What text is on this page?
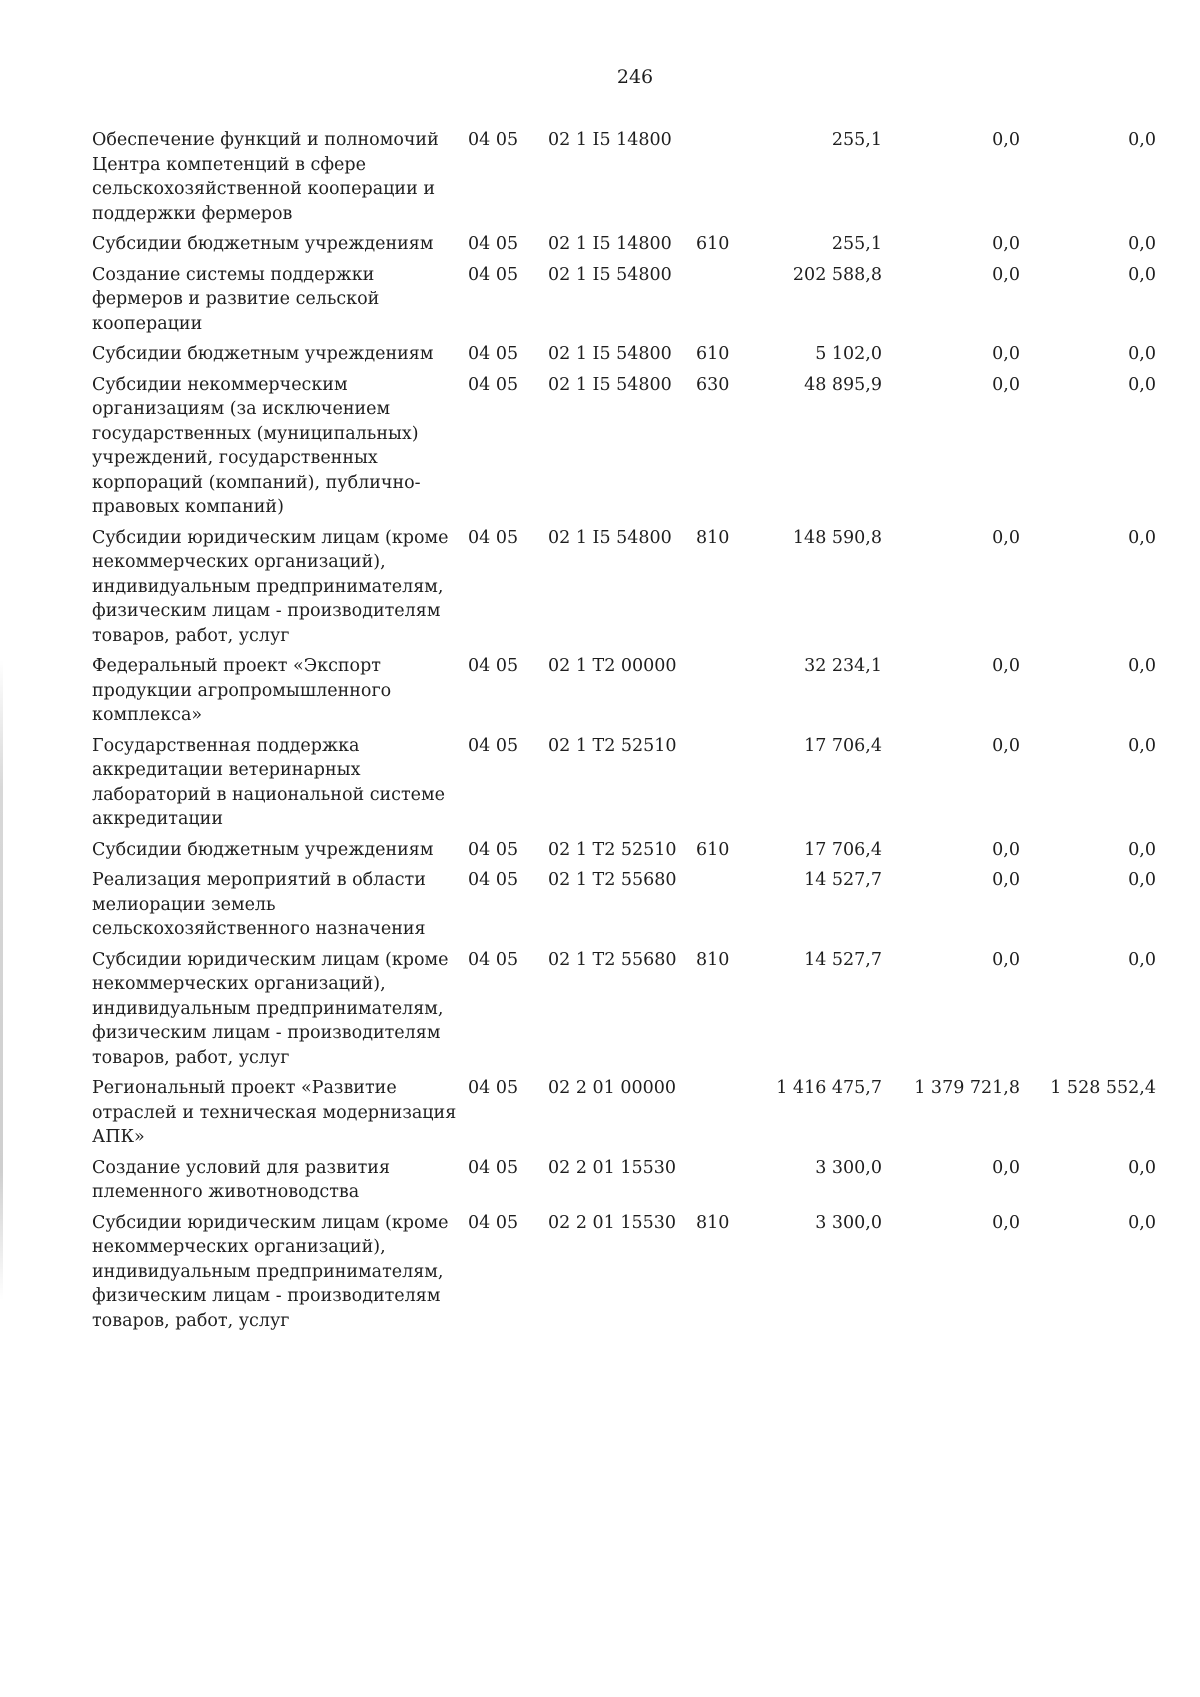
246
Обеспечение функций и полномочий Центра компетенций в сфере сельскохозяйственной кооперации и поддержки фермеров	04 05	02 1 I5 14800		255,1	0,0	0,0
Субсидии бюджетным учреждениям	04 05	02 1 I5 14800	610	255,1	0,0	0,0
Создание системы поддержки фермеров и развитие сельской кооперации	04 05	02 1 I5 54800		202 588,8	0,0	0,0
Субсидии бюджетным учреждениям	04 05	02 1 I5 54800	610	5 102,0	0,0	0,0
Субсидии некоммерческим организациям (за исключением государственных (муниципальных) учреждений, государственных корпораций (компаний), публично-правовых компаний)	04 05	02 1 I5 54800	630	48 895,9	0,0	0,0
Субсидии юридическим лицам (кроме некоммерческих организаций), индивидуальным предпринимателям, физическим лицам - производителям товаров, работ, услуг	04 05	02 1 I5 54800	810	148 590,8	0,0	0,0
Федеральный проект «Экспорт продукции агропромышленного комплекса»	04 05	02 1 T2 00000		32 234,1	0,0	0,0
Государственная поддержка аккредитации ветеринарных лабораторий в национальной системе аккредитации	04 05	02 1 T2 52510		17 706,4	0,0	0,0
Субсидии бюджетным учреждениям	04 05	02 1 T2 52510	610	17 706,4	0,0	0,0
Реализация мероприятий в области мелиорации земель сельскохозяйственного назначения	04 05	02 1 T2 55680		14 527,7	0,0	0,0
Субсидии юридическим лицам (кроме некоммерческих организаций), индивидуальным предпринимателям, физическим лицам - производителям товаров, работ, услуг	04 05	02 1 T2 55680	810	14 527,7	0,0	0,0
Региональный проект «Развитие отраслей и техническая модернизация АПК»	04 05	02 2 01 00000		1 416 475,7	1 379 721,8	1 528 552,4
Создание условий для развития племенного животноводства	04 05	02 2 01 15530		3 300,0	0,0	0,0
Субсидии юридическим лицам (кроме некоммерческих организаций), индивидуальным предпринимателям, физическим лицам - производителям товаров, работ, услуг	04 05	02 2 01 15530	810	3 300,0	0,0	0,0
